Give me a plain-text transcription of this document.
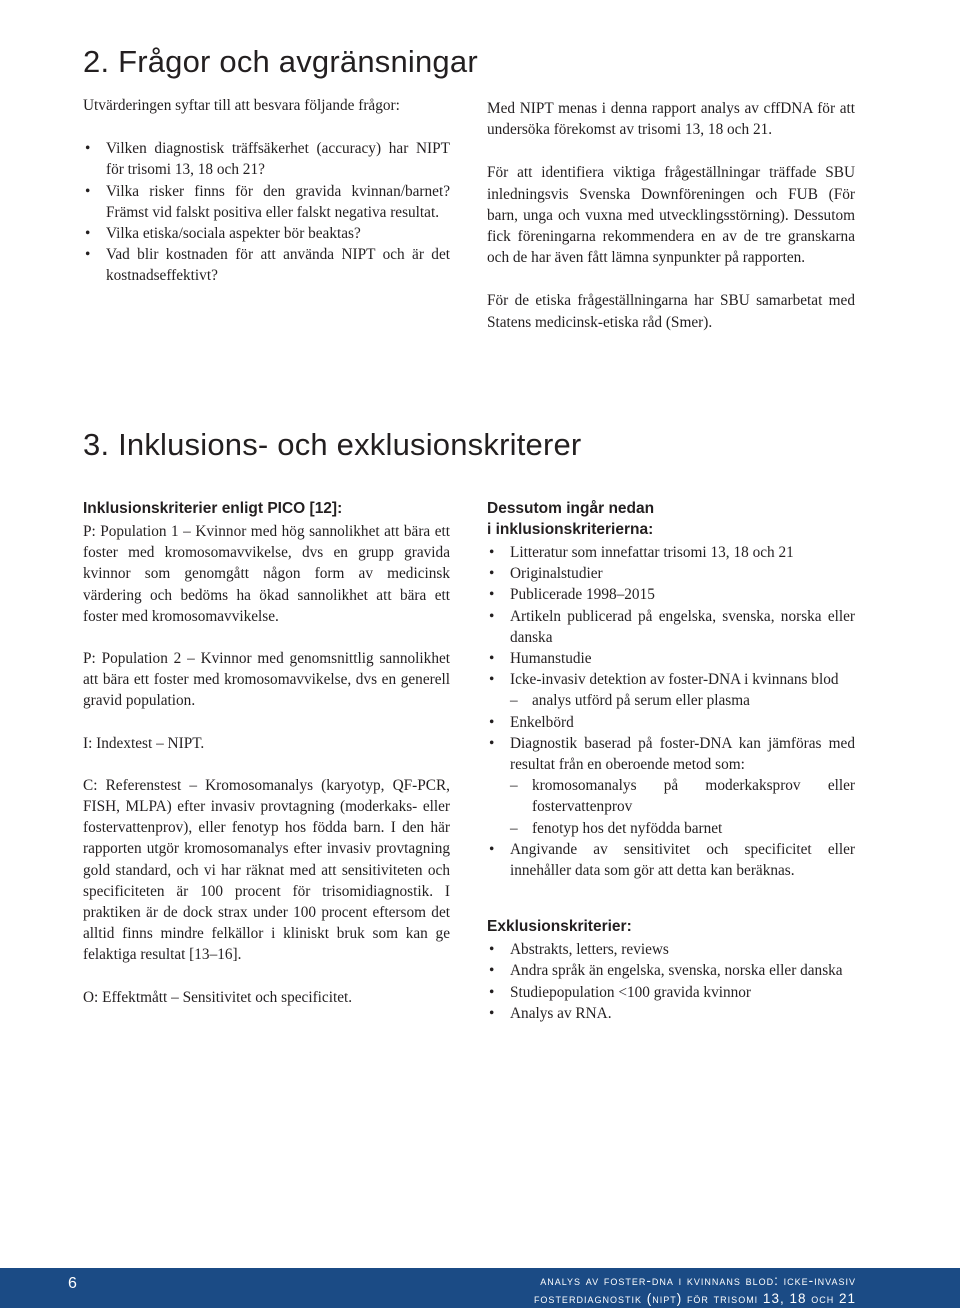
2. Frågor och avgränsningar

Utvärderingen syftar till att besvara följande frågor:

• Vilken diagnostisk träffsäkerhet (accuracy) har NIPT för trisomi 13, 18 och 21?
• Vilka risker finns för den gravida kvinnan/barnet? Främst vid falskt positiva eller falskt negativa resultat.
• Vilka etiska/sociala aspekter bör beaktas?
• Vad blir kostnaden för att använda NIPT och är det kostnadseffektivt?

Med NIPT menas i denna rapport analys av cffDNA för att undersöka förekomst av trisomi 13, 18 och 21.

För att identifiera viktiga frågeställningar träffade SBU inledningsvis Svenska Downföreningen och FUB (För barn, unga och vuxna med utvecklingsstörning). Dessutom fick föreningarna rekommendera en av de tre granskarna och de har även fått lämna synpunkter på rapporten.

För de etiska frågeställningarna har SBU samarbetat med Statens medicinsk-etiska råd (Smer).

3. Inklusions- och exklusionskriterer
Inklusionskriterier enligt PICO [12]:

P: Population 1 – Kvinnor med hög sannolikhet att bära ett foster med kromosomavvikelse, dvs en grupp gravida kvinnor som genomgått någon form av medicinsk värdering och bedöms ha ökad sannolikhet att bära ett foster med kromosomavvikelse.

P: Population 2 – Kvinnor med genomsnittlig sannolikhet att bära ett foster med kromosomavvikelse, dvs en generell gravid population.

I: Indextest – NIPT.

C: Referenstest – Kromosomanalys (karyotyp, QF-PCR, FISH, MLPA) efter invasiv provtagning (moderkaks- eller fostervattenprov), eller fenotyp hos födda barn. I den här rapporten utgör kromosomanalys efter invasiv provtagning gold standard, och vi har räknat med att sensitiviteten och specificiteten är 100 procent för trisomidiagnostik. I praktiken är de dock strax under 100 procent eftersom det alltid finns mindre felkällor i kliniskt bruk som kan ge felaktiga resultat [13–16].

O: Effektmått – Sensitivitet och specificitet.

Dessutom ingår nedan
i inklusionskriterierna:
• Litteratur som innefattar trisomi 13, 18 och 21
• Originalstudier
• Publicerade 1998–2015
• Artikeln publicerad på engelska, svenska, norska eller danska
• Humanstudie
• Icke-invasiv detektion av foster-DNA i kvinnans blod
– analys utförd på serum eller plasma
• Enkelbörd
• Diagnostik baserad på foster-DNA kan jämföras med resultat från en oberoende metod som:
– kromosomanalys på moderkaksprov eller fostervattenprov
– fenotyp hos det nyfödda barnet
• Angivande av sensitivitet och specificitet eller innehåller data som gör att detta kan beräknas.
Exklusionskriterier:
• Abstrakts, letters, reviews
• Andra språk än engelska, svenska, norska eller danska
• Studiepopulation <100 gravida kvinnor
• Analys av RNA.
6	analys av foster-dna i kvinnans blod: icke-invasiv
fosterdiagnostik (nipt) för trisomi 13, 18 och 21
